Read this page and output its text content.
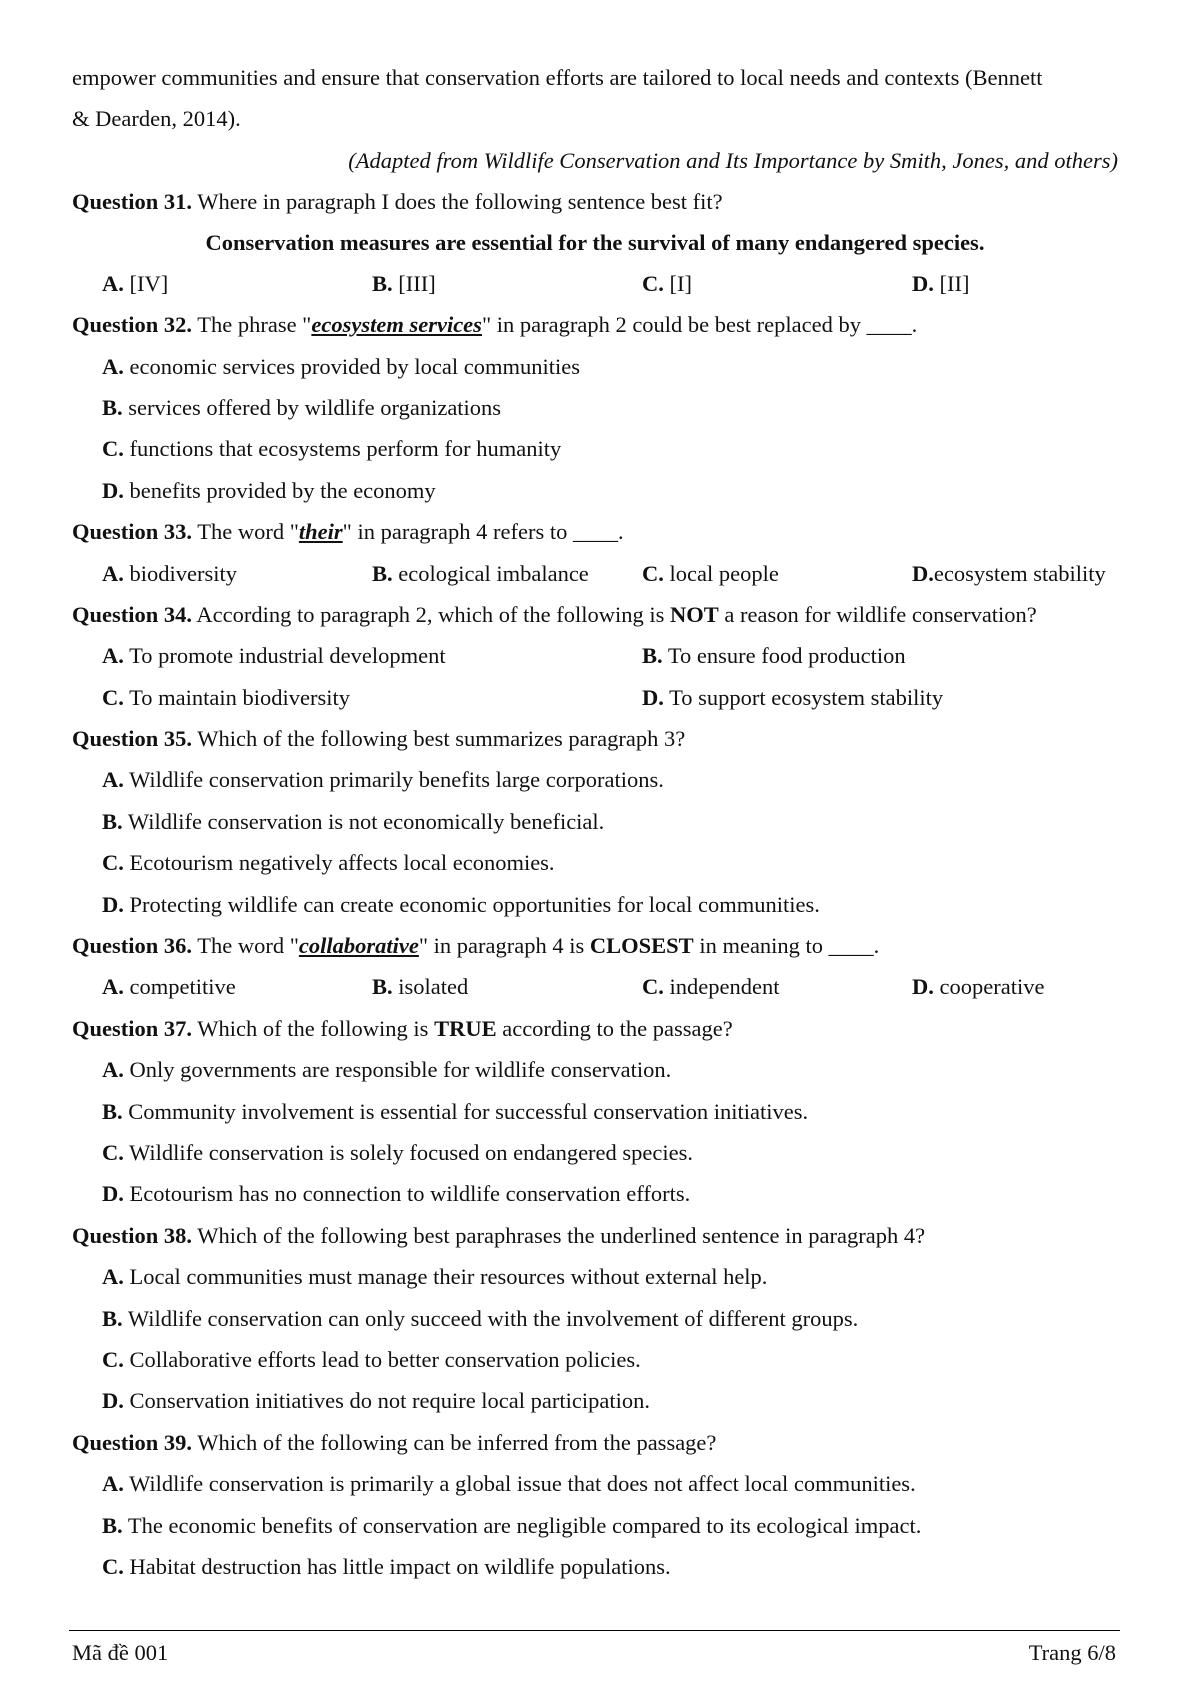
empower communities and ensure that conservation efforts are tailored to local needs and contexts (Bennett
& Dearden, 2014).
(Adapted from Wildlife Conservation and Its Importance by Smith, Jones, and others)
Question 31. Where in paragraph I does the following sentence best fit?
Conservation measures are essential for the survival of many endangered species.
A. [IV]	B. [III]	C. [I]	D. [II]
Question 32. The phrase "ecosystem services" in paragraph 2 could be best replaced by ____.
A. economic services provided by local communities
B. services offered by wildlife organizations
C. functions that ecosystems perform for humanity
D. benefits provided by the economy
Question 33. The word "their" in paragraph 4 refers to ____.
A. biodiversity	B. ecological imbalance C. local people	D.ecosystem stability
Question 34. According to paragraph 2, which of the following is NOT a reason for wildlife conservation?
A. To promote industrial development	B. To ensure food production
C. To maintain biodiversity	D. To support ecosystem stability
Question 35. Which of the following best summarizes paragraph 3?
A. Wildlife conservation primarily benefits large corporations.
B. Wildlife conservation is not economically beneficial.
C. Ecotourism negatively affects local economies.
D. Protecting wildlife can create economic opportunities for local communities.
Question 36. The word "collaborative" in paragraph 4 is CLOSEST in meaning to ____.
A. competitive	B. isolated	C. independent	D. cooperative
Question 37. Which of the following is TRUE according to the passage?
A. Only governments are responsible for wildlife conservation.
B. Community involvement is essential for successful conservation initiatives.
C. Wildlife conservation is solely focused on endangered species.
D. Ecotourism has no connection to wildlife conservation efforts.
Question 38. Which of the following best paraphrases the underlined sentence in paragraph 4?
A. Local communities must manage their resources without external help.
B. Wildlife conservation can only succeed with the involvement of different groups.
C. Collaborative efforts lead to better conservation policies.
D. Conservation initiatives do not require local participation.
Question 39. Which of the following can be inferred from the passage?
A. Wildlife conservation is primarily a global issue that does not affect local communities.
B. The economic benefits of conservation are negligible compared to its ecological impact.
C. Habitat destruction has little impact on wildlife populations.
Mã đề 001	Trang 6/8
